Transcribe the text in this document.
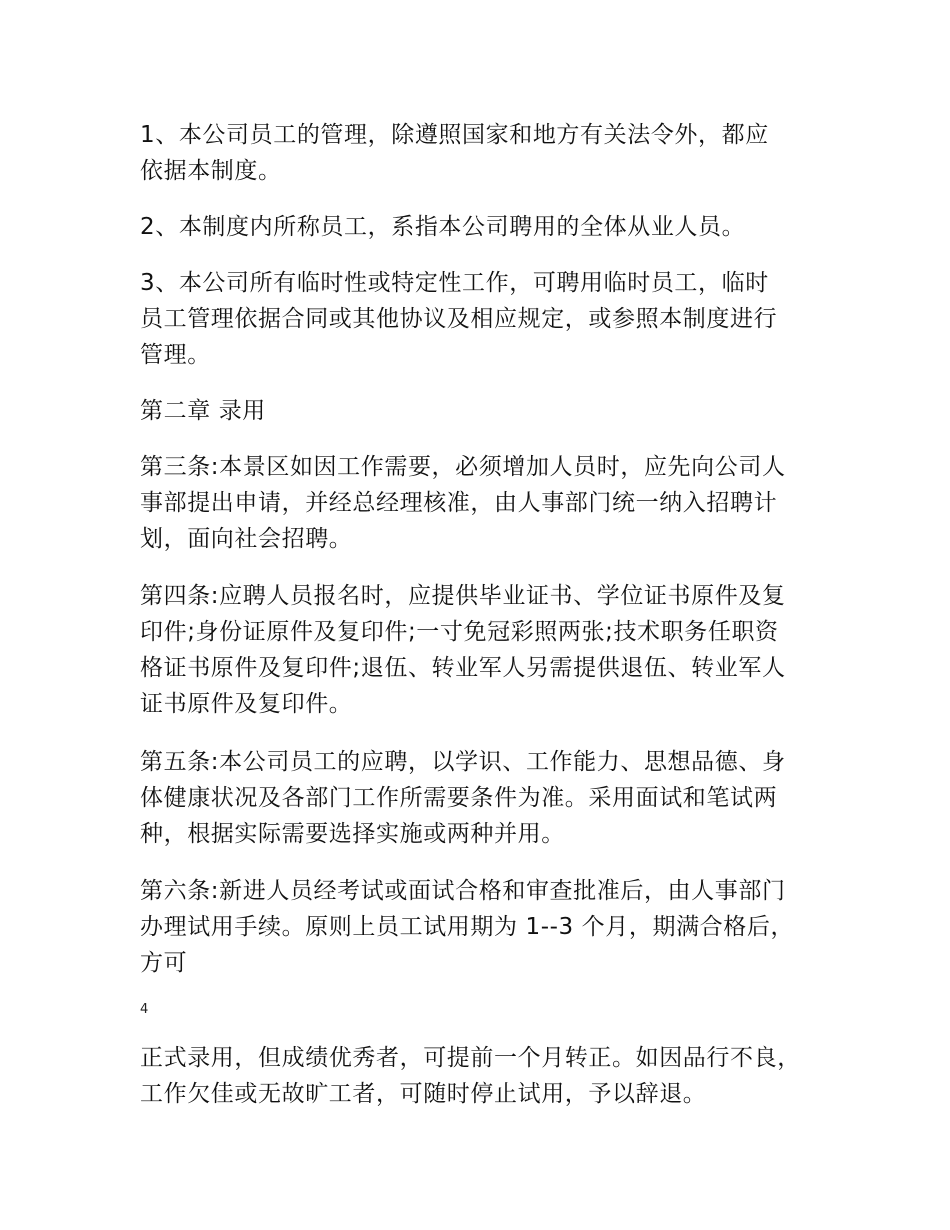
1、本公司员工的管理，除遵照国家和地方有关法令外，都应
依据本制度。
2、本制度内所称员工，系指本公司聘用的全体从业人员。
3、本公司所有临时性或特定性工作，可聘用临时员工，临时
员工管理依据合同或其他协议及相应规定，或参照本制度进行
管理。
第二章 录用
第三条:本景区如因工作需要，必须增加人员时，应先向公司人
事部提出申请，并经总经理核准，由人事部门统一纳入招聘计
划，面向社会招聘。
第四条:应聘人员报名时，应提供毕业证书、学位证书原件及复
印件;身份证原件及复印件;一寸免冠彩照两张;技术职务任职资
格证书原件及复印件;退伍、转业军人另需提供退伍、转业军人
证书原件及复印件。
第五条:本公司员工的应聘，以学识、工作能力、思想品德、身
体健康状况及各部门工作所需要条件为准。采用面试和笔试两
种，根据实际需要选择实施或两种并用。
第六条:新进人员经考试或面试合格和审查批准后，由人事部门
办理试用手续。原则上员工试用期为 1--3 个月，期满合格后，
方可
4
正式录用，但成绩优秀者，可提前一个月转正。如因品行不良，
工作欠佳或无故旷工者，可随时停止试用，予以辞退。
